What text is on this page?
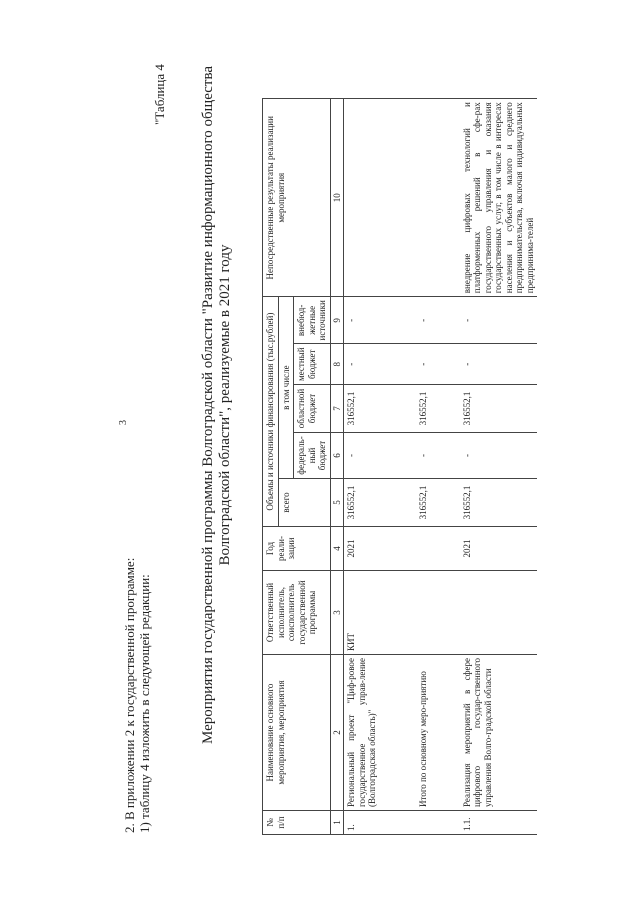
3
2. В приложении 2 к государственной программе: 1) таблицу 4 изложить в следующей редакции:
"Таблица 4 Мероприятия государственной программы Волгоградской области "Развитие информационного общества Волгоградской области", реализуемые в 2021 году
№ п/п	Наименование основного мероприятия, мероприятия	Ответственный исполнитель, соисполнитель государственной программы	Год реали-зации	Объемы и источники финансирования (тыс.рублей)					Непосредственные результаты реализации мероприятия
				всего	в том числе				
					федераль-ный бюджет	областной бюджет	местный бюджет	внебюд-жетные источники	
1	2	3	4	5	6	7	8	9	10
1.	Региональный проект "Циф-ровое государственное управ-ление (Волгоградская область)"	КИТ	2021	316552,1	-	316552,1	-	-	
	Итого по основному меро-приятию			316552,1	-	316552,1	-	-	
1.1.	Реализация мероприятий в сфере цифрового государ-ственного управления Волго-градской области		2021	316552,1	-	316552,1	-	-	внедрение цифровых технологий и платформенных решений в сфе-рах государственного управления и оказания государственных услуг, в том числе в интересах населения и субъектов малого и среднего предпринимательства, включая индивидуальных предпринима-телей
